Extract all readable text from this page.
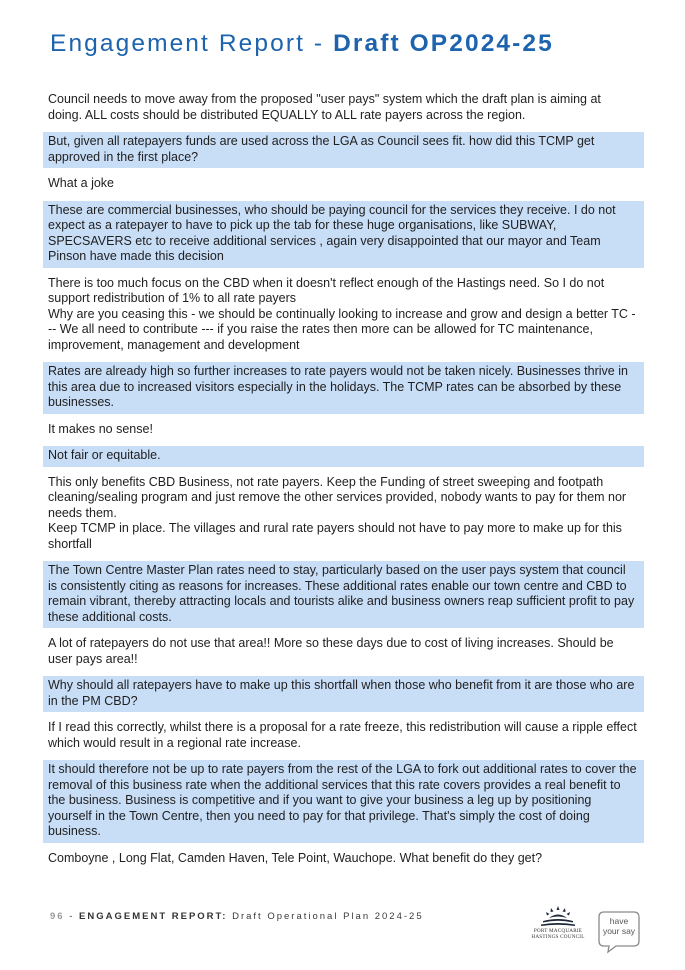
Engagement Report - Draft OP2024-25
Council needs to move away from the proposed "user pays" system which the draft plan is aiming at doing. ALL costs should be distributed EQUALLY to ALL rate payers across the region.
But, given all ratepayers funds are used across the LGA as Council sees fit. how did this TCMP get approved in the first place?
What a joke
These are commercial businesses, who should be paying council for the services they receive. I do not expect as a ratepayer to have to pick up the tab for these huge organisations, like SUBWAY, SPECSAVERS etc to receive additional services , again very disappointed that our mayor and Team Pinson have made this decision
There is too much focus on the CBD when it doesn't reflect enough of the Hastings need. So I do not support redistribution of 1% to all rate payers
Why are you ceasing this - we should be continually looking to increase and grow and design a better TC --- We all need to contribute --- if you raise the rates then more can be allowed for TC maintenance, improvement, management and development
Rates are already high so further increases to rate payers would not be taken nicely. Businesses thrive in this area due to increased visitors especially in the holidays. The TCMP rates can be absorbed by these businesses.
It makes no sense!
Not fair or equitable.
This only benefits CBD Business, not rate payers. Keep the Funding of street sweeping and footpath cleaning/sealing program and just remove the other services provided, nobody wants to pay for them nor needs them.
Keep TCMP in place. The villages and rural rate payers should not have to pay more to make up for this shortfall
The Town Centre Master Plan rates need to stay, particularly based on the user pays system that council is consistently citing as reasons for increases. These additional rates enable our town centre and CBD to remain vibrant, thereby attracting locals and tourists alike and business owners reap sufficient profit to pay these additional costs.
A lot of ratepayers do not use that area!! More so these days due to cost of living increases. Should be user pays area!!
Why should all ratepayers have to make up this shortfall when those who benefit from it are those who are in the PM CBD?
If I read this correctly, whilst there is a proposal for a rate freeze, this redistribution will cause a ripple effect which would result in a regional rate increase.
It should therefore not be up to rate payers from the rest of the LGA to fork out additional rates to cover the removal of this business rate when the additional services that this rate covers provides a real benefit to the business. Business is competitive and if you want to give your business a leg up by positioning yourself in the Town Centre, then you need to pay for that privilege. That's simply the cost of doing business.
Comboyne , Long Flat, Camden Haven, Tele Point, Wauchope. What benefit do they get?
96 - ENGAGEMENT REPORT: Draft Operational Plan 2024-25
PORT MACQUARIE
HASTINGS COUNCIL
have
your say
